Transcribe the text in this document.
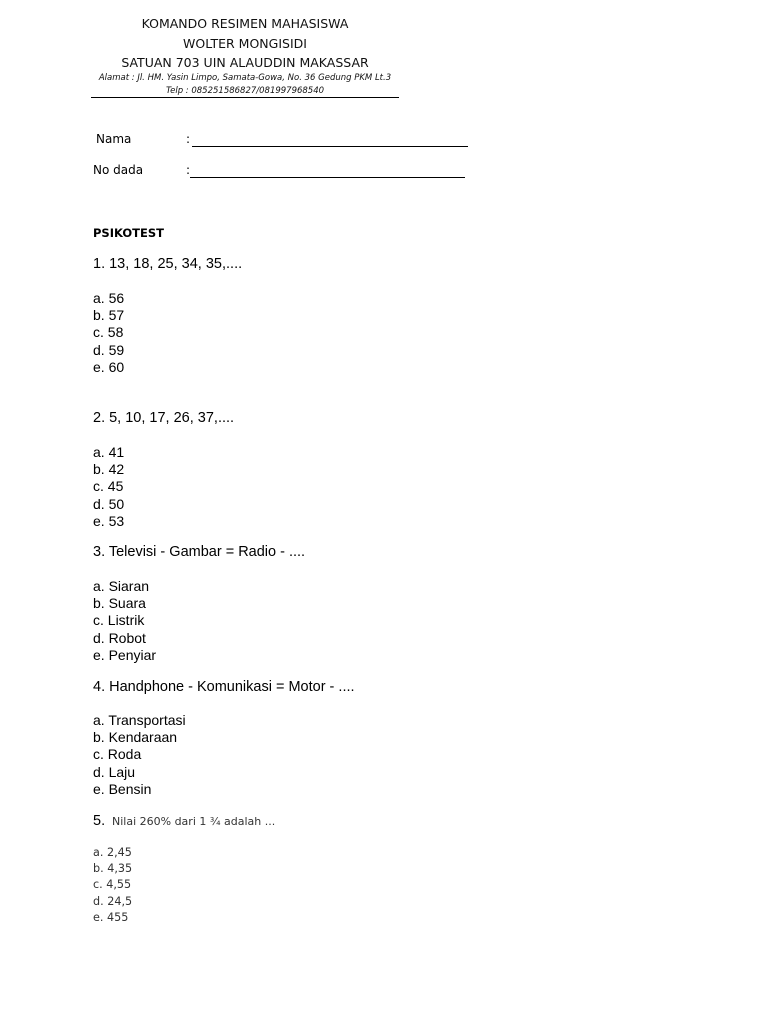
KOMANDO RESIMEN MAHASISWA
WOLTER MONGISIDI
SATUAN 703 UIN ALAUDDIN MAKASSAR
Alamat : Jl. HM. Yasin Limpo, Samata-Gowa, No. 36 Gedung PKM Lt.3
Telp : 085251586827/081997968540
Nama	:
No dada	:
PSIKOTEST
1. 13, 18, 25, 34, 35,....
a. 56
b. 57
c. 58
d. 59
e. 60
2. 5, 10, 17, 26, 37,....
a. 41
b. 42
c. 45
d. 50
e. 53
3. Televisi - Gambar = Radio - ....
a. Siaran
b. Suara
c. Listrik
d. Robot
e. Penyiar
4. Handphone - Komunikasi = Motor - ....
a. Transportasi
b. Kendaraan
c. Roda
d. Laju
e. Bensin
5. Nilai 260% dari 1 ¾ adalah ...
a. 2,45
b. 4,35
c. 4,55
d. 24,5
e. 455
